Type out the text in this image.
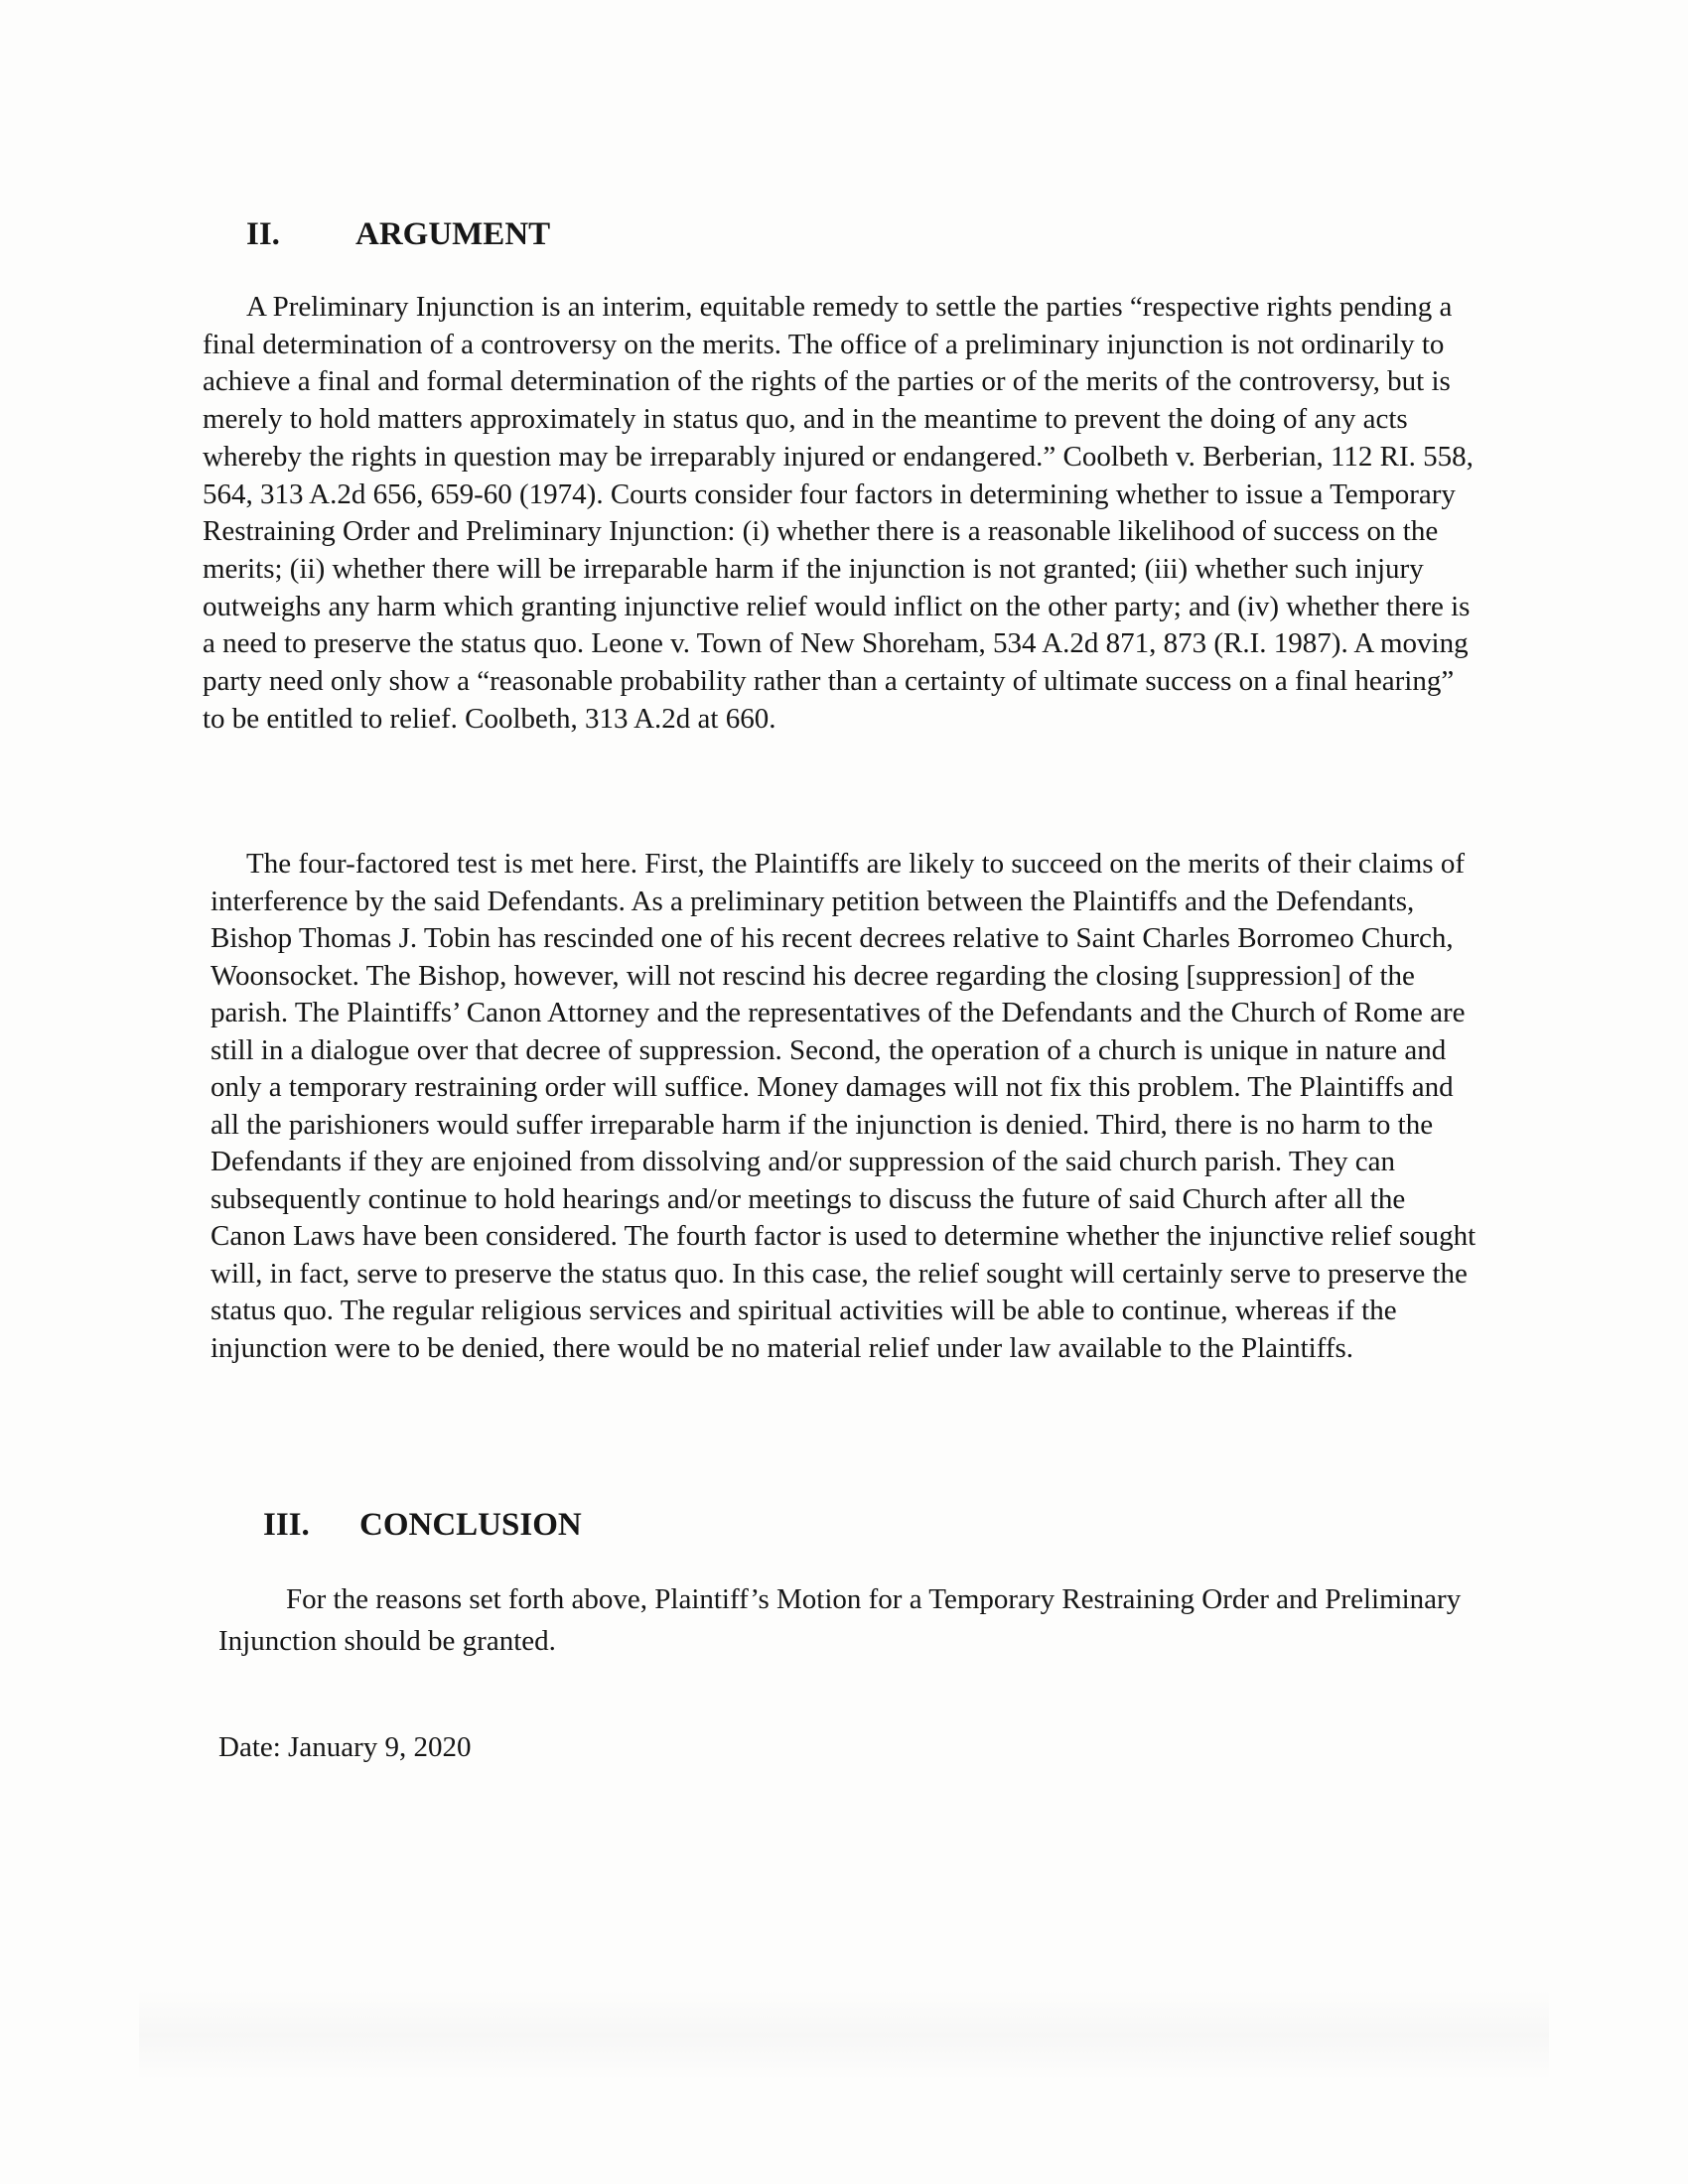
II. ARGUMENT
A Preliminary Injunction is an interim, equitable remedy to settle the parties “respective rights pending a final determination of a controversy on the merits. The office of a preliminary injunction is not ordinarily to achieve a final and formal determination of the rights of the parties or of the merits of the controversy, but is merely to hold matters approximately in status quo, and in the meantime to prevent the doing of any acts whereby the rights in question may be irreparably injured or endangered.” Coolbeth v. Berberian, 112 RI. 558, 564, 313 A.2d 656, 659-60 (1974). Courts consider four factors in determining whether to issue a Temporary Restraining Order and Preliminary Injunction: (i) whether there is a reasonable likelihood of success on the merits; (ii) whether there will be irreparable harm if the injunction is not granted; (iii) whether such injury outweighs any harm which granting injunctive relief would inflict on the other party; and (iv) whether there is a need to preserve the status quo. Leone v. Town of New Shoreham, 534 A.2d 871, 873 (R.I. 1987). A moving party need only show a “reasonable probability rather than a certainty of ultimate success on a final hearing” to be entitled to relief. Coolbeth, 313 A.2d at 660.
The four-factored test is met here. First, the Plaintiffs are likely to succeed on the merits of their claims of interference by the said Defendants. As a preliminary petition between the Plaintiffs and the Defendants, Bishop Thomas J. Tobin has rescinded one of his recent decrees relative to Saint Charles Borromeo Church, Woonsocket. The Bishop, however, will not rescind his decree regarding the closing [suppression] of the parish. The Plaintiffs’ Canon Attorney and the representatives of the Defendants and the Church of Rome are still in a dialogue over that decree of suppression. Second, the operation of a church is unique in nature and only a temporary restraining order will suffice. Money damages will not fix this problem. The Plaintiffs and all the parishioners would suffer irreparable harm if the injunction is denied. Third, there is no harm to the Defendants if they are enjoined from dissolving and/or suppression of the said church parish. They can subsequently continue to hold hearings and/or meetings to discuss the future of said Church after all the Canon Laws have been considered. The fourth factor is used to determine whether the injunctive relief sought will, in fact, serve to preserve the status quo. In this case, the relief sought will certainly serve to preserve the status quo. The regular religious services and spiritual activities will be able to continue, whereas if the injunction were to be denied, there would be no material relief under law available to the Plaintiffs.
III. CONCLUSION
For the reasons set forth above, Plaintiff’s Motion for a Temporary Restraining Order and Preliminary Injunction should be granted.
Date: January 9, 2020
